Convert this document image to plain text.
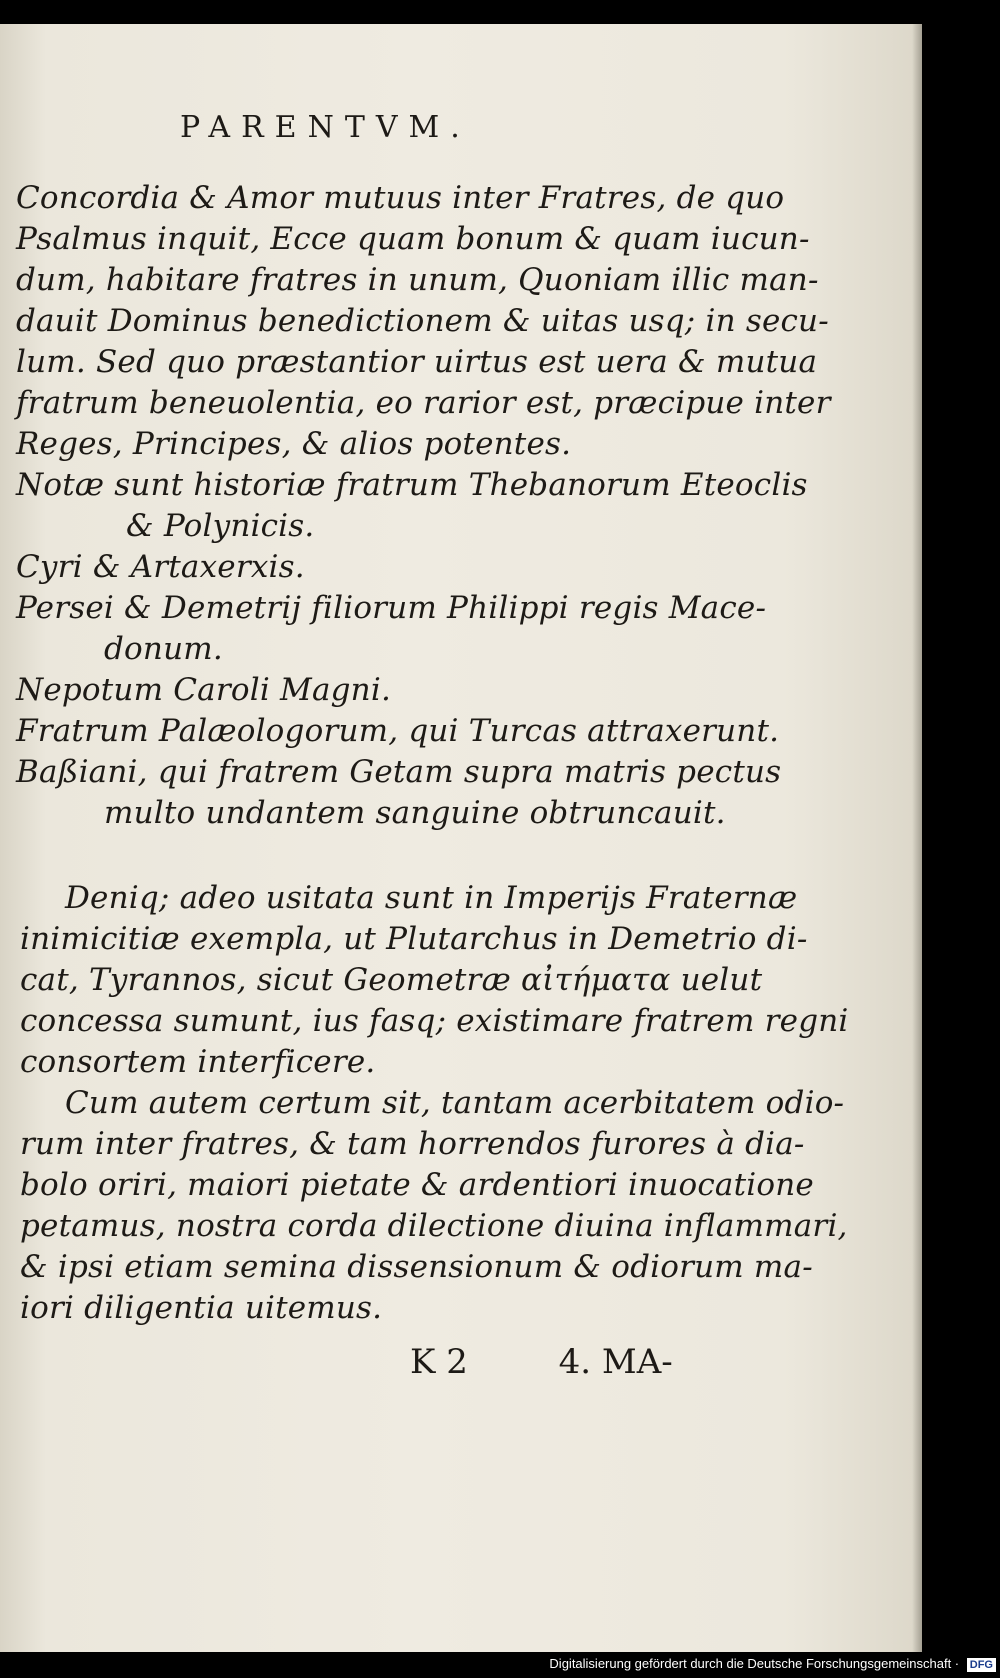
PARENTVM.
Concordia & Amor mutuus inter Fratres, de quo
Psalmus inquit, Ecce quam bonum & quam iucun-
dum, habitare fratres in unum, Quoniam illic man-
dauit Dominus benedictionem & uitas usq; in secu-
lum. Sed quo præstantior uirtus est uera & mutua
fratrum beneuolentia, eo rarior est, præcipue inter
Reges, Principes, & alios potentes.
Notæ sunt historiæ fratrum Thebanorum Eteoclis
& Polynicis.
Cyri & Artaxerxis.
Persei & Demetrij filiorum Philippi regis Mace-
donum.
Nepotum Caroli Magni.
Fratrum Palæologorum, qui Turcas attraxerunt.
Baßiani, qui fratrem Getam supra matris pectus
multo undantem sanguine obtruncauit.
Deniq; adeo usitata sunt in Imperijs Fraternæ
inimicitiæ exempla, ut Plutarchus in Demetrio di-
cat, Tyrannos, sicut Geometræ αἰτήματα uelut
concessa sumunt, ius fasq; existimare fratrem regni
consortem interficere.
Cum autem certum sit, tantam acerbitatem odio-
rum inter fratres, & tam horrendos furores à dia-
bolo oriri, maiori pietate & ardentiori inuocatione
petamus, nostra corda dilectione diuina inflammari,
& ipsi etiam semina dissensionum & odiorum ma-
iori diligentia uitemus.
K 2	4. MA-
Digitalisierung gefördert durch die Deutsche Forschungsgemeinschaft · DFG
